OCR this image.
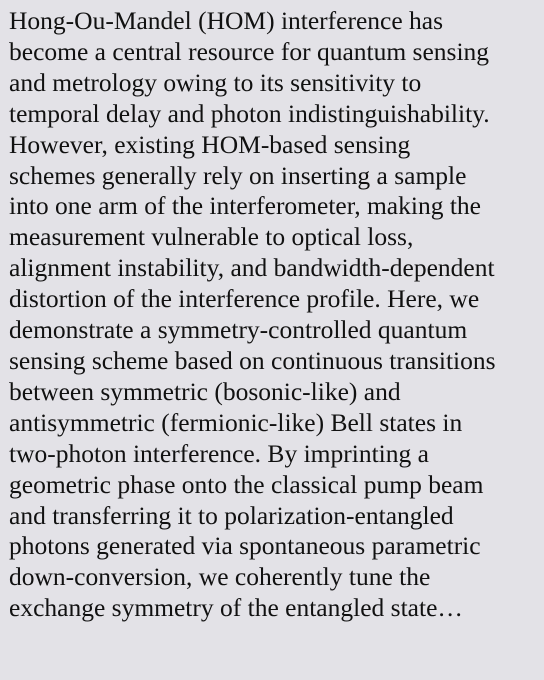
Hong-Ou-Mandel (HOM) interference has
become a central resource for quantum sensing
and metrology owing to its sensitivity to
temporal delay and photon indistinguishability.
However, existing HOM-based sensing
schemes generally rely on inserting a sample
into one arm of the interferometer, making the
measurement vulnerable to optical loss,
alignment instability, and bandwidth-dependent
distortion of the interference profile. Here, we
demonstrate a symmetry-controlled quantum
sensing scheme based on continuous transitions
between symmetric (bosonic-like) and
antisymmetric (fermionic-like) Bell states in
two-photon interference. By imprinting a
geometric phase onto the classical pump beam
and transferring it to polarization-entangled
photons generated via spontaneous parametric
down-conversion, we coherently tune the
exchange symmetry of the entangled state…
